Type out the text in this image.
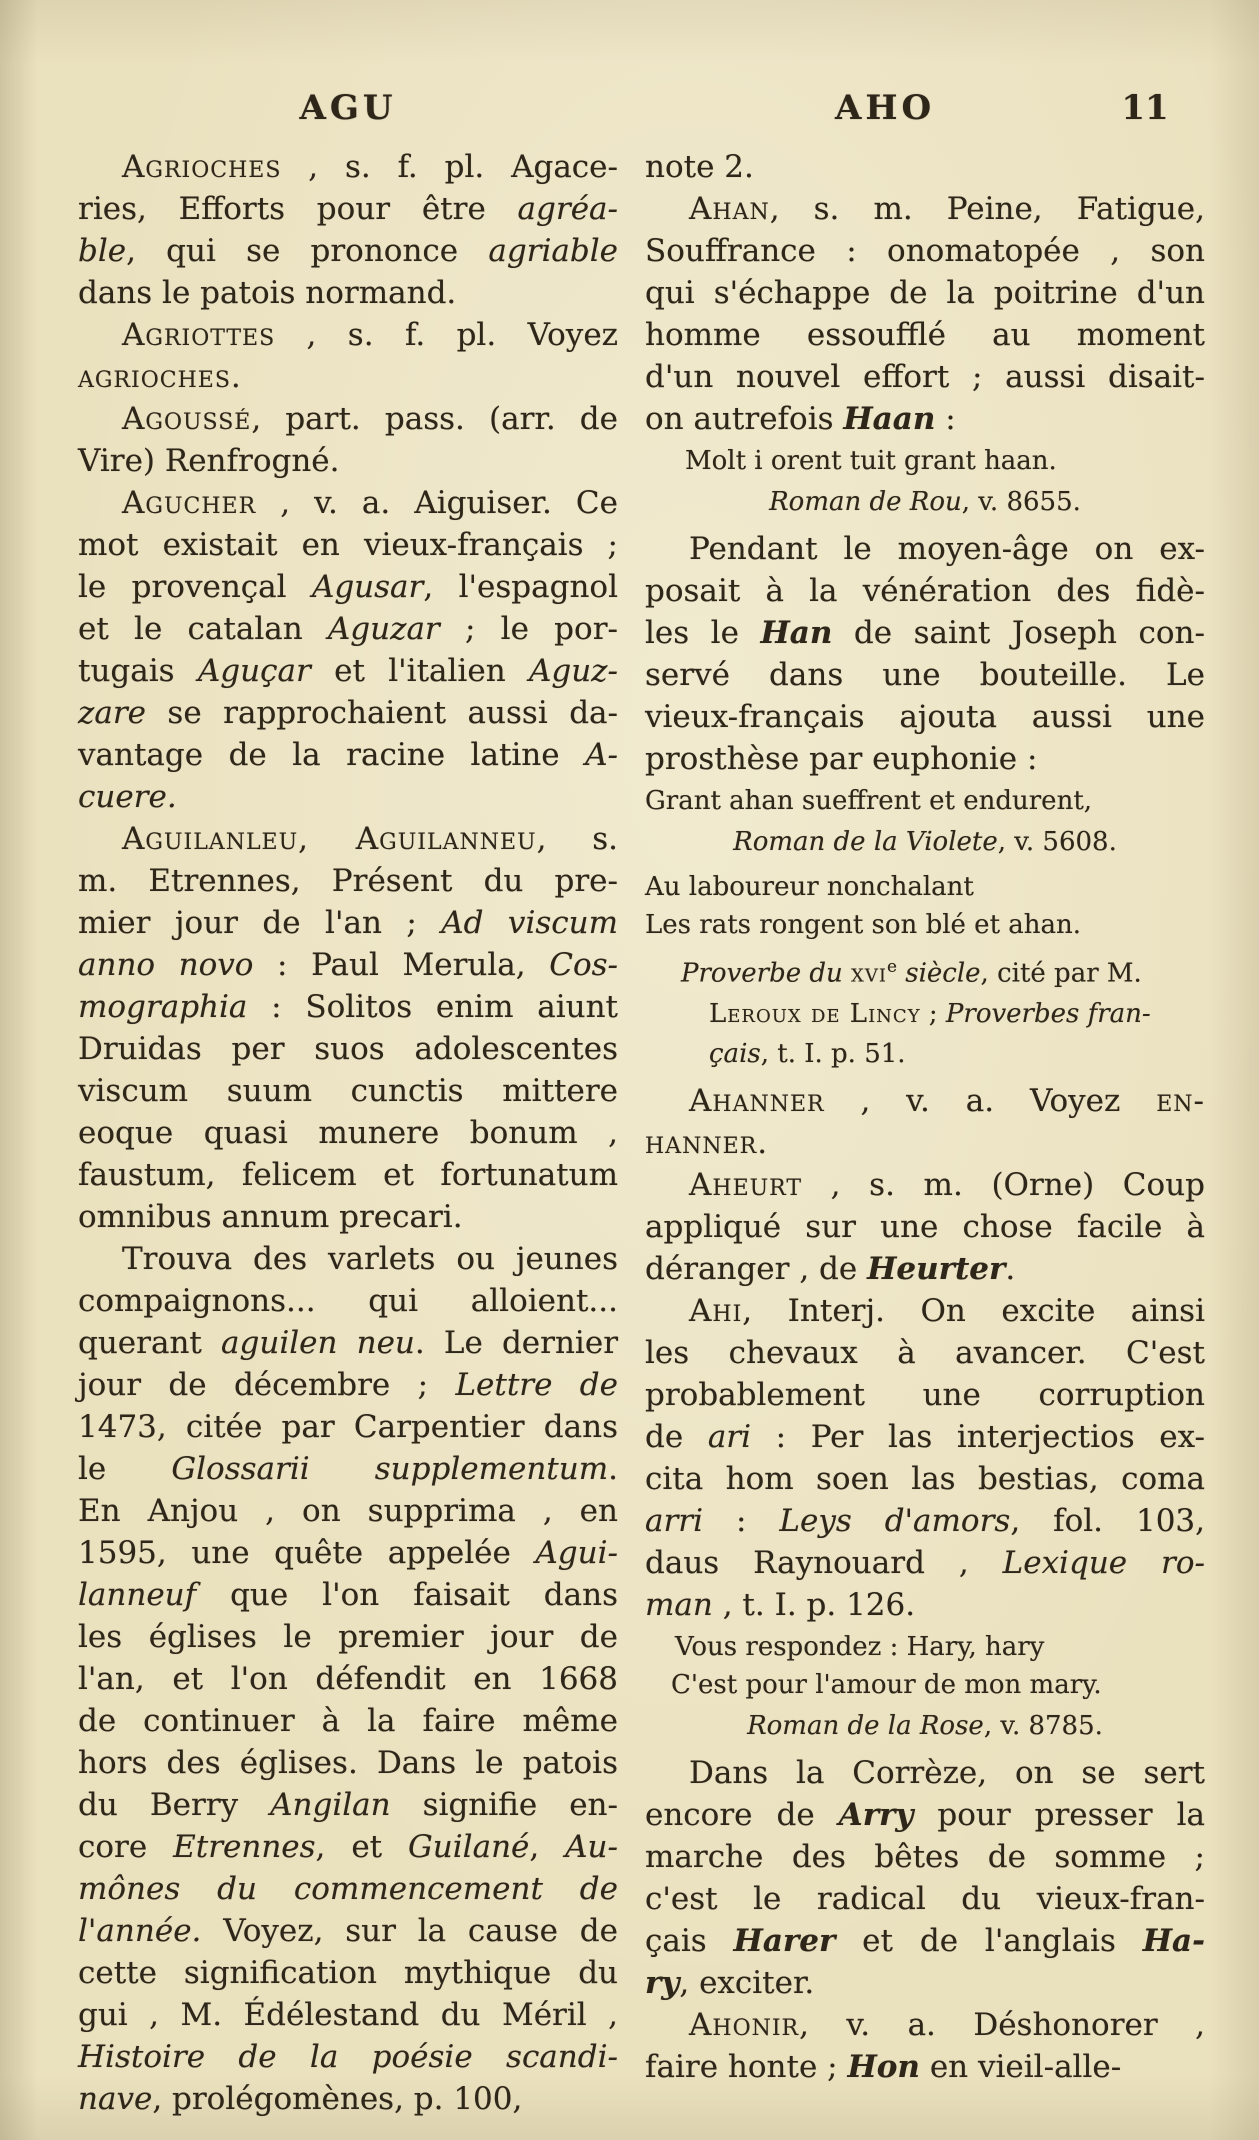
AGU	AHO	11
Agrioches , s. f. pl. Agace-
ries, Efforts pour être agréa-
ble, qui se prononce agriable
dans le patois normand.
Agriottes , s. f. pl. Voyez
agrioches.
Agoussé, part. pass. (arr. de
Vire) Renfrogné.
Agucher , v. a. Aiguiser. Ce
mot existait en vieux-français ;
le provençal Agusar, l'espagnol
et le catalan Aguzar ; le por-
tugais Aguçar et l'italien Aguz-
zare se rapprochaient aussi da-
vantage de la racine latine A-
cuere.
Aguilanleu, Aguilanneu, s.
m. Etrennes, Présent du pre-
mier jour de l'an ; Ad viscum
anno novo : Paul Merula, Cos-
mographia : Solitos enim aiunt
Druidas per suos adolescentes
viscum suum cunctis mittere
eoque quasi munere bonum ,
faustum, felicem et fortunatum
omnibus annum precari.
Trouva des varlets ou jeunes
compaignons... qui alloient...
querant aguilen neu. Le dernier
jour de décembre ; Lettre de
1473, citée par Carpentier dans
le Glossarii supplementum.
En Anjou , on supprima , en
1595, une quête appelée Agui-
lanneuf que l'on faisait dans
les églises le premier jour de
l'an, et l'on défendit en 1668
de continuer à la faire même
hors des églises. Dans le patois
du Berry Angilan signifie en-
core Etrennes, et Guilané, Au-
mônes du commencement de
l'année. Voyez, sur la cause de
cette signification mythique du
gui , M. Édélestand du Méril ,
Histoire de la poésie scandi-
nave, prolégomènes, p. 100,
note 2.
Ahan, s. m. Peine, Fatigue,
Souffrance : onomatopée , son
qui s'échappe de la poitrine d'un
homme essoufflé au moment
d'un nouvel effort ; aussi disait-
on autrefois Haan :
Molt i orent tuit grant haan.
Roman de Rou, v. 8655.
Pendant le moyen-âge on ex-
posait à la vénération des fidè-
les le Han de saint Joseph con-
servé dans une bouteille. Le
vieux-français ajouta aussi une
prosthèse par euphonie :
Grant ahan sueffrent et endurent,
Roman de la Violete, v. 5608.
Au laboureur nonchalant
Les rats rongent son blé et ahan.
Proverbe du xvi$^e$ siècle, cité par M.
Leroux de Lincy ; Proverbes fran-
çais, t. I. p. 51.
Ahanner , v. a. Voyez en-
hanner.
Aheurt , s. m. (Orne) Coup
appliqué sur une chose facile à
déranger , de Heurter.
Ahi, Interj. On excite ainsi
les chevaux à avancer. C'est
probablement une corruption
de ari : Per las interjectios ex-
cita hom soen las bestias, coma
arri : Leys d'amors, fol. 103,
daus Raynouard , Lexique ro-
man , t. I. p. 126.
Vous respondez : Hary, hary
C'est pour l'amour de mon mary.
Roman de la Rose, v. 8785.
Dans la Corrèze, on se sert
encore de Arry pour presser la
marche des bêtes de somme ;
c'est le radical du vieux-fran-
çais Harer et de l'anglais Ha-
ry, exciter.
Ahonir, v. a. Déshonorer ,
faire honte ; Hon en vieil-alle-
